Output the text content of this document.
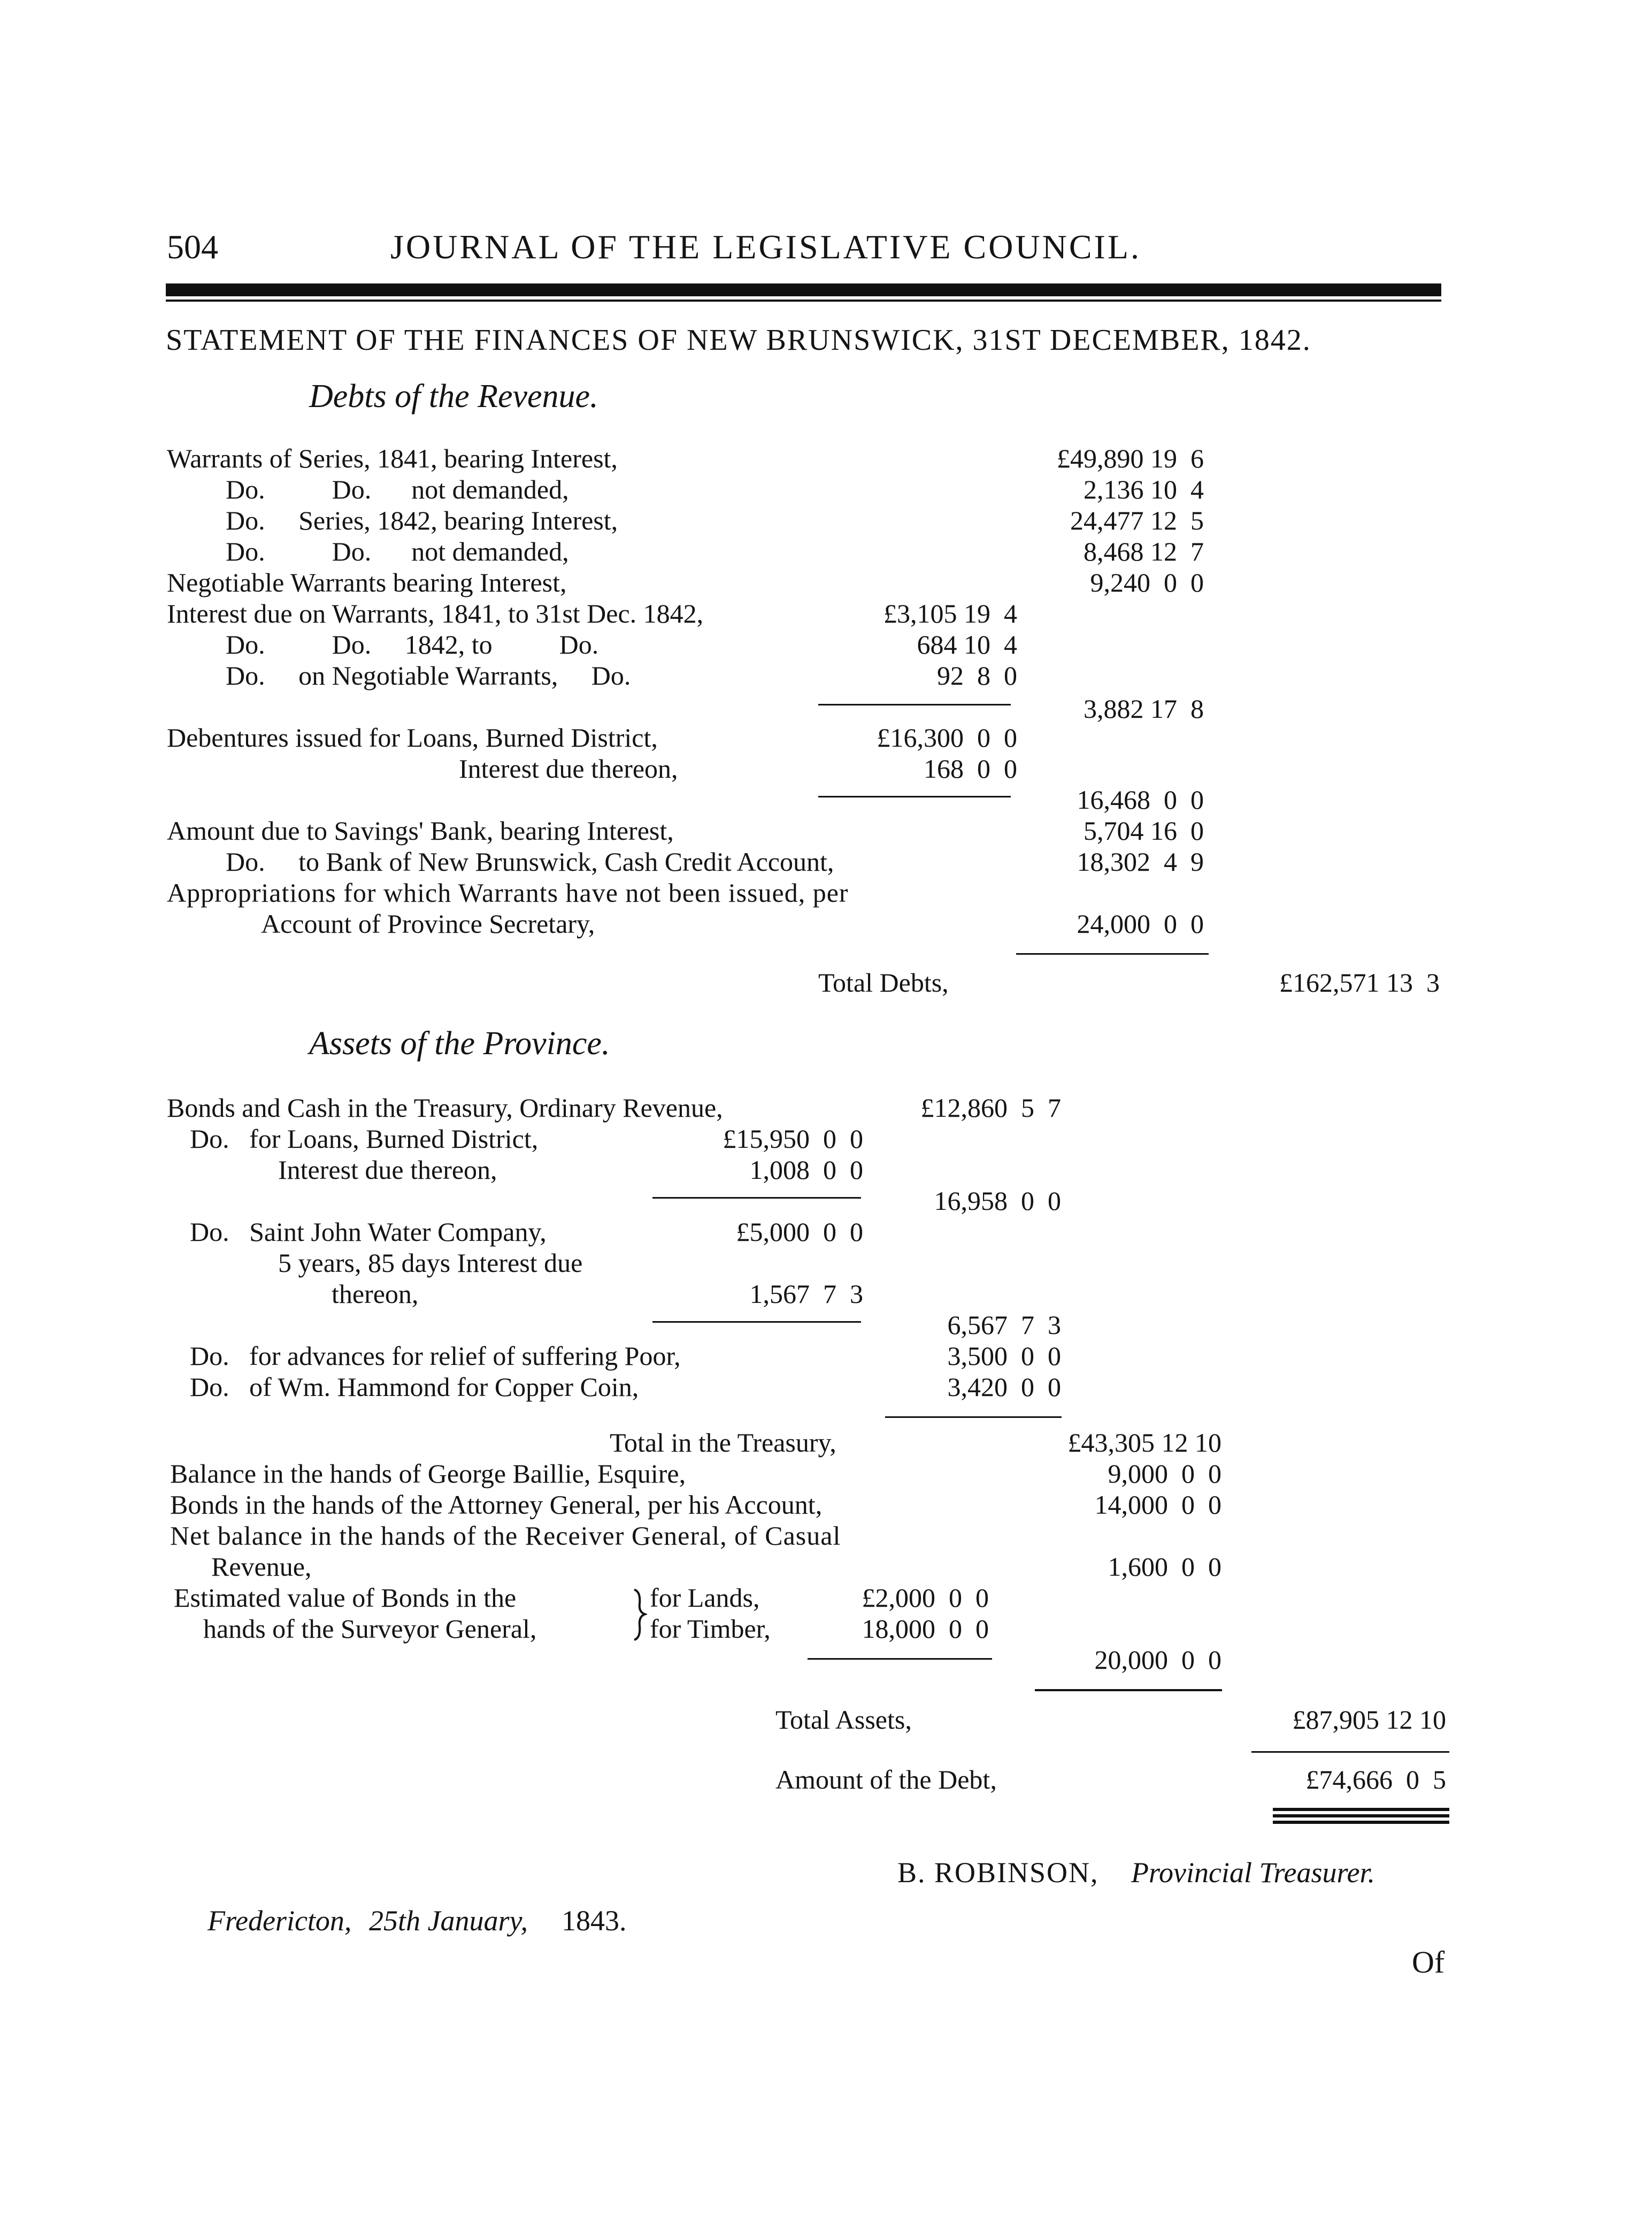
504	JOURNAL OF THE LEGISLATIVE COUNCIL.
STATEMENT OF THE FINANCES OF NEW BRUNSWICK, 31ST DECEMBER, 1842.
Debts of the Revenue.
Warrants of Series, 1841, bearing Interest,	£49,890 19  6
Do.          Do.      not demanded,	2,136 10  4
Do.     Series, 1842, bearing Interest,	24,477 12  5
Do.          Do.      not demanded,	8,468 12  7
Negotiable Warrants bearing Interest,	9,240  0  0
Interest due on Warrants, 1841, to 31st Dec. 1842,	£3,105 19  4
Do.          Do.     1842, to          Do.	684 10  4
Do.     on Negotiable Warrants,     Do.	92  8  0
3,882 17  8
Debentures issued for Loans, Burned District,	£16,300  0  0
Interest due thereon,	168  0  0
16,468  0  0
Amount due to Savings' Bank, bearing Interest,	5,704 16  0
Do.     to Bank of New Brunswick, Cash Credit Account,	18,302  4  9
Appropriations for which Warrants have not been issued, per
Account of Province Secretary,	24,000  0  0
Total Debts,	£162,571 13  3
Assets of the Province.
Bonds and Cash in the Treasury, Ordinary Revenue,	£12,860  5  7
Do.   for Loans, Burned District,	£15,950  0  0
Interest due thereon,	1,008  0  0
16,958  0  0
Do.   Saint John Water Company,	£5,000  0  0
5 years, 85 days Interest due
thereon,	1,567  7  3
6,567  7  3
Do.   for advances for relief of suffering Poor,	3,500  0  0
Do.   of Wm. Hammond for Copper Coin,	3,420  0  0
Total in the Treasury,	£43,305 12 10
Balance in the hands of George Baillie, Esquire,	9,000  0  0
Bonds in the hands of the Attorney General, per his Account,	14,000  0  0
Net balance in the hands of the Receiver General, of Casual
Revenue,	1,600  0  0
Estimated value of Bonds in the	for Lands,	£2,000  0  0
hands of the Surveyor General,	for Timber,	18,000  0  0
20,000  0  0
Total Assets,	£87,905 12 10
Amount of the Debt,	£74,666  0  5
B. ROBINSON, Provincial Treasurer.
Fredericton, 25th January, 1843.
Of
